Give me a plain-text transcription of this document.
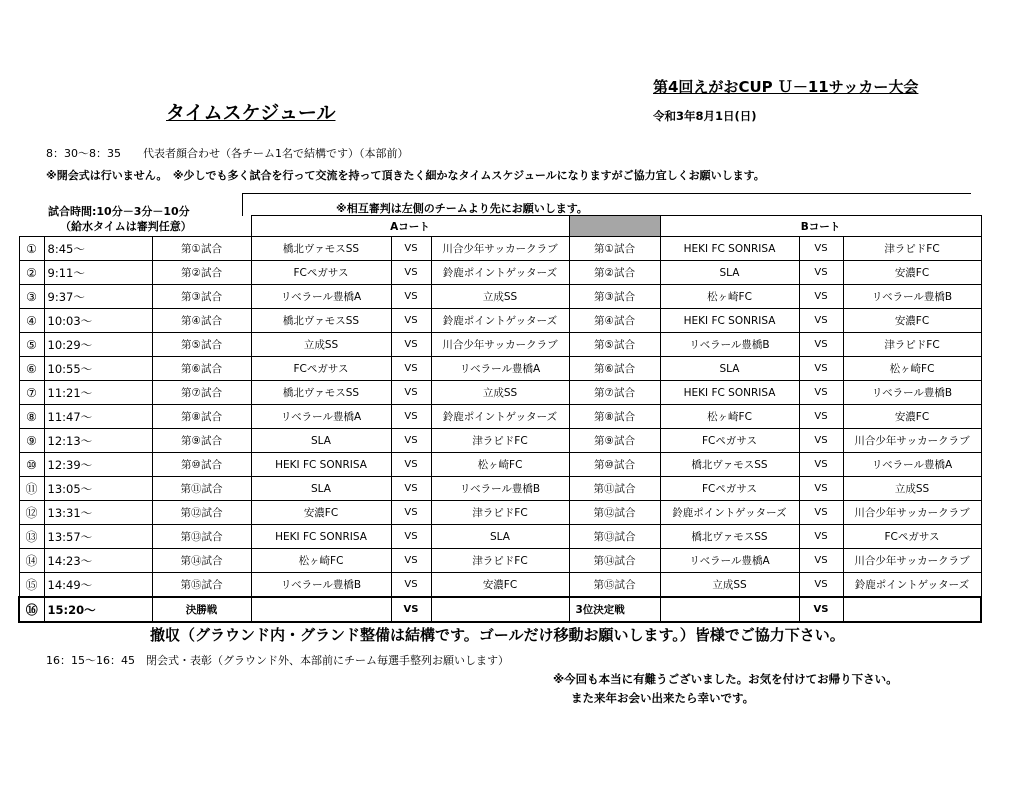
第4回えがおCUP Ｕ－11サッカー大会
タイムスケジュール	令和3年8月1日(日)
8：30～8：35　　代表者顔合わせ（各チーム1名で結構です）（本部前）
※開会式は行いません。　※少しでも多く試合を行って交流を持って頂きたく細かなタイムスケジュールになりますがご協力宜しくお願いします。
※相互審判は左側のチームより先にお願いします。
試合時間:10分－3分－10分
（給水タイムは審判任意）
			Aコート				Bコート		
①	8:45～	第①試合	橋北ヴァモスSS	VS	川合少年サッカークラブ	第①試合	HEKI FC SONRISA	VS	津ラピドFC
②	9:11～	第②試合	FCペガサス	VS	鈴鹿ポイントゲッターズ	第②試合	SLA	VS	安濃FC
③	9:37～	第③試合	リベラール豊橋A	VS	立成SS	第③試合	松ヶ崎FC	VS	リベラール豊橋B
④	10:03～	第④試合	橋北ヴァモスSS	VS	鈴鹿ポイントゲッターズ	第④試合	HEKI FC SONRISA	VS	安濃FC
⑤	10:29～	第⑤試合	立成SS	VS	川合少年サッカークラブ	第⑤試合	リベラール豊橋B	VS	津ラピドFC
⑥	10:55～	第⑥試合	FCペガサス	VS	リベラール豊橋A	第⑥試合	SLA	VS	松ヶ崎FC
⑦	11:21～	第⑦試合	橋北ヴァモスSS	VS	立成SS	第⑦試合	HEKI FC SONRISA	VS	リベラール豊橋B
⑧	11:47～	第⑧試合	リベラール豊橋A	VS	鈴鹿ポイントゲッターズ	第⑧試合	松ヶ崎FC	VS	安濃FC
⑨	12:13～	第⑨試合	SLA	VS	津ラピドFC	第⑨試合	FCペガサス	VS	川合少年サッカークラブ
⑩	12:39～	第⑩試合	HEKI FC SONRISA	VS	松ヶ崎FC	第⑩試合	橋北ヴァモスSS	VS	リベラール豊橋A
⑪	13:05～	第⑪試合	SLA	VS	リベラール豊橋B	第⑪試合	FCペガサス	VS	立成SS
⑫	13:31～	第⑫試合	安濃FC	VS	津ラピドFC	第⑫試合	鈴鹿ポイントゲッターズ	VS	川合少年サッカークラブ
⑬	13:57～	第⑬試合	HEKI FC SONRISA	VS	SLA	第⑬試合	橋北ヴァモスSS	VS	FCペガサス
⑭	14:23～	第⑭試合	松ヶ崎FC	VS	津ラピドFC	第⑭試合	リベラール豊橋A	VS	川合少年サッカークラブ
⑮	14:49～	第⑮試合	リベラール豊橋B	VS	安濃FC	第⑮試合	立成SS	VS	鈴鹿ポイントゲッターズ
⑯	15:20～	決勝戦		VS		3位決定戦		VS	
撤収（グラウンド内・グランド整備は結構です。ゴールだけ移動お願いします。）皆様でご協力下さい。
16：15～16：45　閉会式・表彰（グラウンド外、本部前にチーム毎選手整列お願いします）
※今回も本当に有難うございました。お気を付けてお帰り下さい。
また来年お会い出来たら幸いです。
